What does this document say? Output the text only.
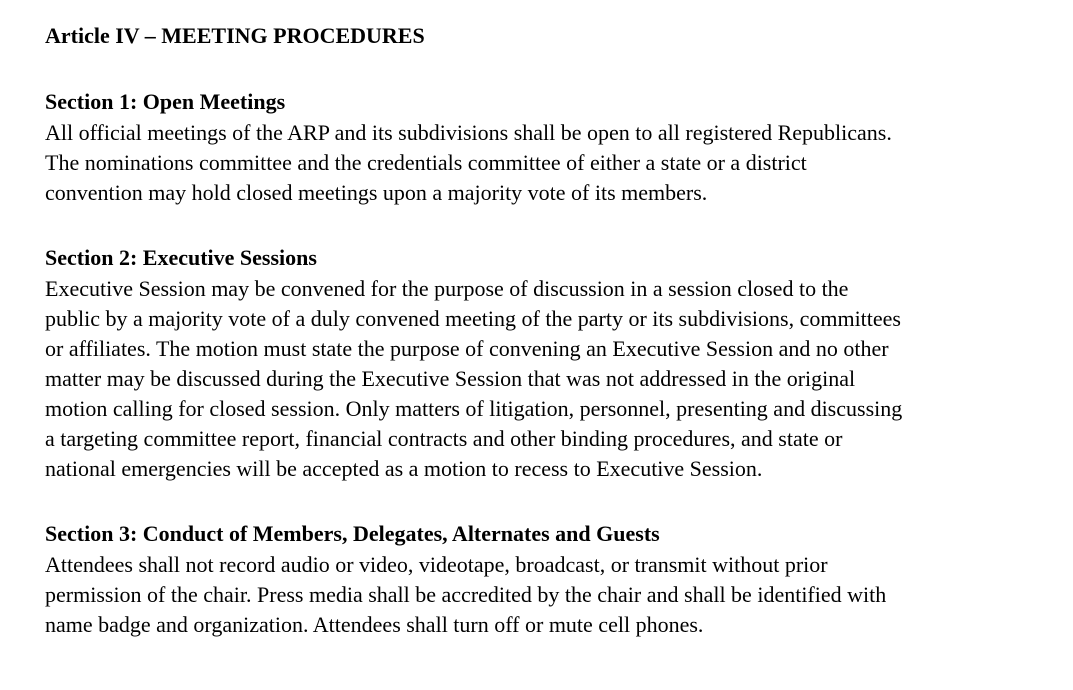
Article IV – MEETING PROCEDURES
Section 1: Open Meetings

All official meetings of the ARP and its subdivisions shall be open to all registered Republicans.
The nominations committee and the credentials committee of either a state or a district
convention may hold closed meetings upon a majority vote of its members.

Section 2: Executive Sessions

Executive Session may be convened for the purpose of discussion in a session closed to the
public by a majority vote of a duly convened meeting of the party or its subdivisions, committees
or affiliates. The motion must state the purpose of convening an Executive Session and no other
matter may be discussed during the Executive Session that was not addressed in the original
motion calling for closed session. Only matters of litigation, personnel, presenting and discussing
a targeting committee report, financial contracts and other binding procedures, and state or
national emergencies will be accepted as a motion to recess to Executive Session.

Section 3: Conduct of Members, Delegates, Alternates and Guests

Attendees shall not record audio or video, videotape, broadcast, or transmit without prior
permission of the chair. Press media shall be accredited by the chair and shall be identified with
name badge and organization. Attendees shall turn off or mute cell phones.
